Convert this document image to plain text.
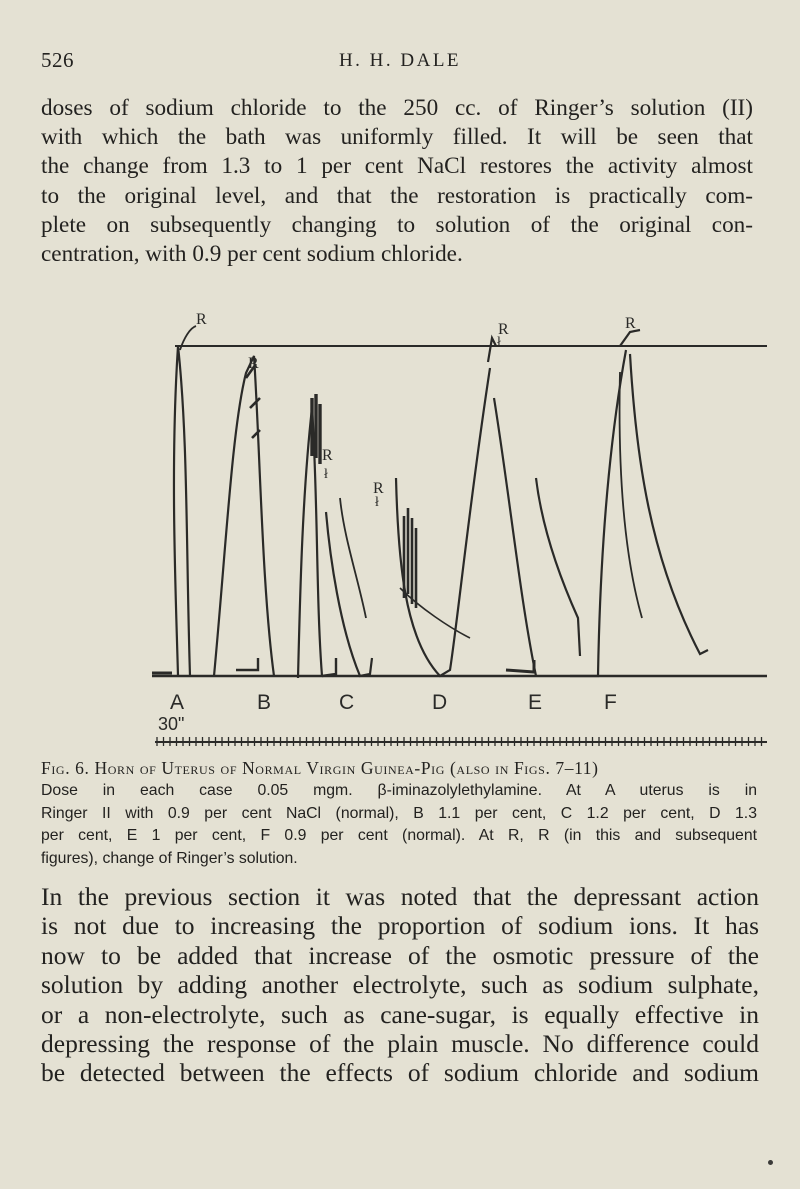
526	H. H. DALE
doses of sodium chloride to the 250 cc. of Ringer’s solution (II)
with which the bath was uniformly filled. It will be seen that
the change from 1.3 to 1 per cent NaCl restores the activity almost
to the original level, and that the restoration is practically com-
plete on subsequently changing to solution of the original con-
centration, with 0.9 per cent sodium chloride.
R
R
R
R
R	R
ł
ł
ł
A	B	C	D	E	F
30"
Fig. 6. Horn of Uterus of Normal Virgin Guinea-Pig (also in Figs. 7–11)
Dose in each case 0.05 mgm. β-iminazolylethylamine. At A uterus is in
Ringer II with 0.9 per cent NaCl (normal), B 1.1 per cent, C 1.2 per cent, D 1.3
per cent, E 1 per cent, F 0.9 per cent (normal). At R, R (in this and subsequent
figures), change of Ringer’s solution.
In the previous section it was noted that the depressant action
is not due to increasing the proportion of sodium ions. It has
now to be added that increase of the osmotic pressure of the
solution by adding another electrolyte, such as sodium sulphate,
or a non-electrolyte, such as cane-sugar, is equally effective in
depressing the response of the plain muscle. No difference could
be detected between the effects of sodium chloride and sodium
